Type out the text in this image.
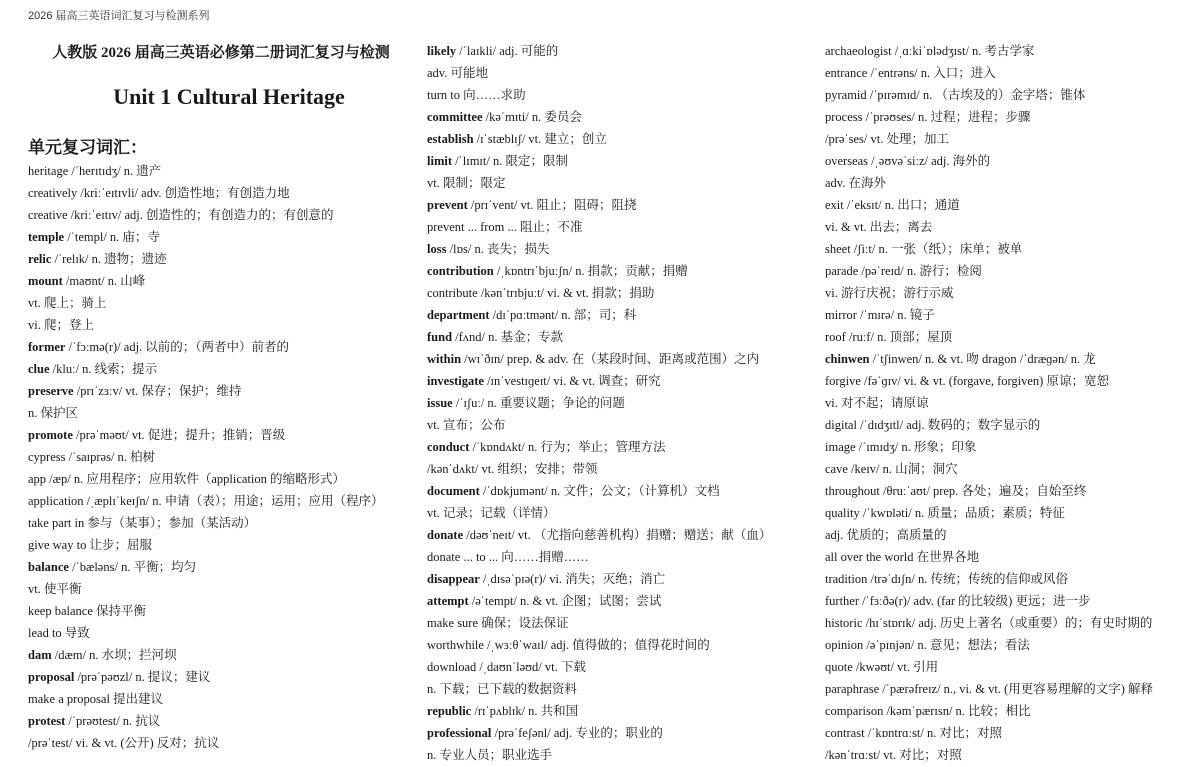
2026 届高三英语词汇复习与检测系列
人教版 2026 届高三英语必修第二册词汇复习与检测
Unit 1 Cultural Heritage
单元复习词汇：
heritage /ˈherɪtɪdʒ/ n. 遗产
creatively /kriːˈeɪtɪvli/ adv. 创造性地；有创造力地
creative /kriːˈeɪtɪv/ adj. 创造性的；有创造力的；有创意的
temple /ˈtempl/ n. 庙；寺
relic /ˈrelɪk/ n. 遗物；遗迹
mount /maʊnt/ n. 山峰
vt. 爬上；骑上
vi. 爬；登上
former /ˈfɔːmə(r)/ adj. 以前的；（两者中）前者的
clue /kluː/ n. 线索；提示
preserve /prɪˈzɜːv/ vt. 保存；保护；维持
n. 保护区
promote /prəˈməʊt/ vt. 促进；提升；推销；晋级
cypress /ˈsaɪprəs/ n. 柏树
app /æp/ n. 应用程序；应用软件（application 的缩略形式）
application /ˌæplɪˈkeɪʃn/ n. 申请（表）；用途；运用；应用（程序）
take part in 参与（某事）；参加（某活动）
give way to 让步；屈服
balance /ˈbæləns/ n. 平衡；均匀
vt. 使平衡
keep balance 保持平衡
lead to 导致
dam /dæm/ n. 水坝；拦河坝
proposal /prəˈpəʊzl/ n. 提议；建议
make a proposal 提出建议
protest /ˈprəʊtest/ n. 抗议
/prəˈtest/ vi. & vt. (公开) 反对；抗议
likely /ˈlaɪkli/ adj. 可能的
adv. 可能地
turn to 向……求助
committee /kəˈmɪti/ n. 委员会
establish /ɪˈstæblɪʃ/ vt. 建立；创立
limit /ˈlɪmɪt/ n. 限定；限制
vt. 限制；限定
prevent /prɪˈvent/ vt. 阻止；阻碍；阻挠
prevent ... from ... 阻止；不准
loss /lɒs/ n. 丧失；损失
contribution /ˌkɒntrɪˈbjuːʃn/ n. 捐款；贡献；捐赠
contribute /kənˈtrɪbjuːt/ vi. & vt. 捐款；捐助
department /dɪˈpɑːtmənt/ n. 部；司；科
fund /fʌnd/ n. 基金；专款
within /wɪˈðɪn/ prep. & adv. 在（某段时间、距离或范围）之内
investigate /ɪnˈvestɪɡeɪt/ vi. & vt. 调查；研究
issue /ˈɪʃuː/ n. 重要议题；争论的问题
vt. 宣布；公布
conduct /ˈkɒndʌkt/ n. 行为；举止；管理方法
/kənˈdʌkt/ vt. 组织；安排；带领
document /ˈdɒkjumənt/ n. 文件；公文；（计算机）文档
vt. 记录；记载（详情）
donate /dəʊˈneɪt/ vt. （尤指向慈善机构）捐赠；赠送；献（血）
donate ... to ... 向……捐赠……
disappear /ˌdɪsəˈpɪə(r)/ vi. 消失；灭绝；消亡
attempt /əˈtempt/ n. & vt. 企图；试图；尝试
make sure 确保；设法保证
worthwhile /ˌwɜːθˈwaɪl/ adj. 值得做的；值得花时间的
download /ˌdaʊnˈləʊd/ vt. 下载
n. 下载；已下载的数据资料
republic /rɪˈpʌblɪk/ n. 共和国
professional /prəˈfeʃənl/ adj. 专业的；职业的
n. 专业人员；职业选手
archaeologist /ˌɑːkiˈɒlədʒɪst/ n. 考古学家
entrance /ˈentrəns/ n. 入口；进入
pyramid /ˈpɪrəmɪd/ n. （古埃及的）金字塔；锥体
process /ˈprəʊses/ n. 过程；进程；步骤
/prəˈses/ vt. 处理；加工
overseas /ˌəʊvəˈsiːz/ adj. 海外的
adv. 在海外
exit /ˈeksɪt/ n. 出口；通道
vi. & vt. 出去；离去
sheet /ʃiːt/ n. 一张（纸）；床单；被单
parade /pəˈreɪd/ n. 游行；检阅
vi. 游行庆祝；游行示威
mirror /ˈmɪrə/ n. 镜子
roof /ruːf/ n. 顶部；屋顶
chinwen /ˈtʃinwen/ n. & vt. 吻 dragon /ˈdræɡən/ n. 龙
forgive /fəˈɡɪv/ vi. & vt. (forgave, forgiven) 原谅；宽恕
vi. 对不起；请原谅
digital /ˈdɪdʒɪtl/ adj. 数码的；数字显示的
image /ˈɪmɪdʒ/ n. 形象；印象
cave /keɪv/ n. 山洞；洞穴
throughout /θruːˈaʊt/ prep. 各处；遍及；自始至终
quality /ˈkwɒləti/ n. 质量；品质；素质；特征
adj. 优质的；高质量的
all over the world 在世界各地
tradition /trəˈdɪʃn/ n. 传统；传统的信仰或风俗
further /ˈfɜːðə(r)/ adv. (far 的比较级) 更远；进一步
historic /hɪˈstɒrɪk/ adj. 历史上著名（或重要）的；有史时期的
opinion /əˈpɪnjən/ n. 意见；想法；看法
quote /kwəʊt/ vt. 引用
paraphrase /ˈpærəfreɪz/ n., vi. & vt. (用更容易理解的文字) 解释
comparison /kəmˈpærɪsn/ n. 比较；相比
contrast /ˈkɒntrɑːst/ n. 对比；对照
/kənˈtrɑːst/ vt. 对比；对照
